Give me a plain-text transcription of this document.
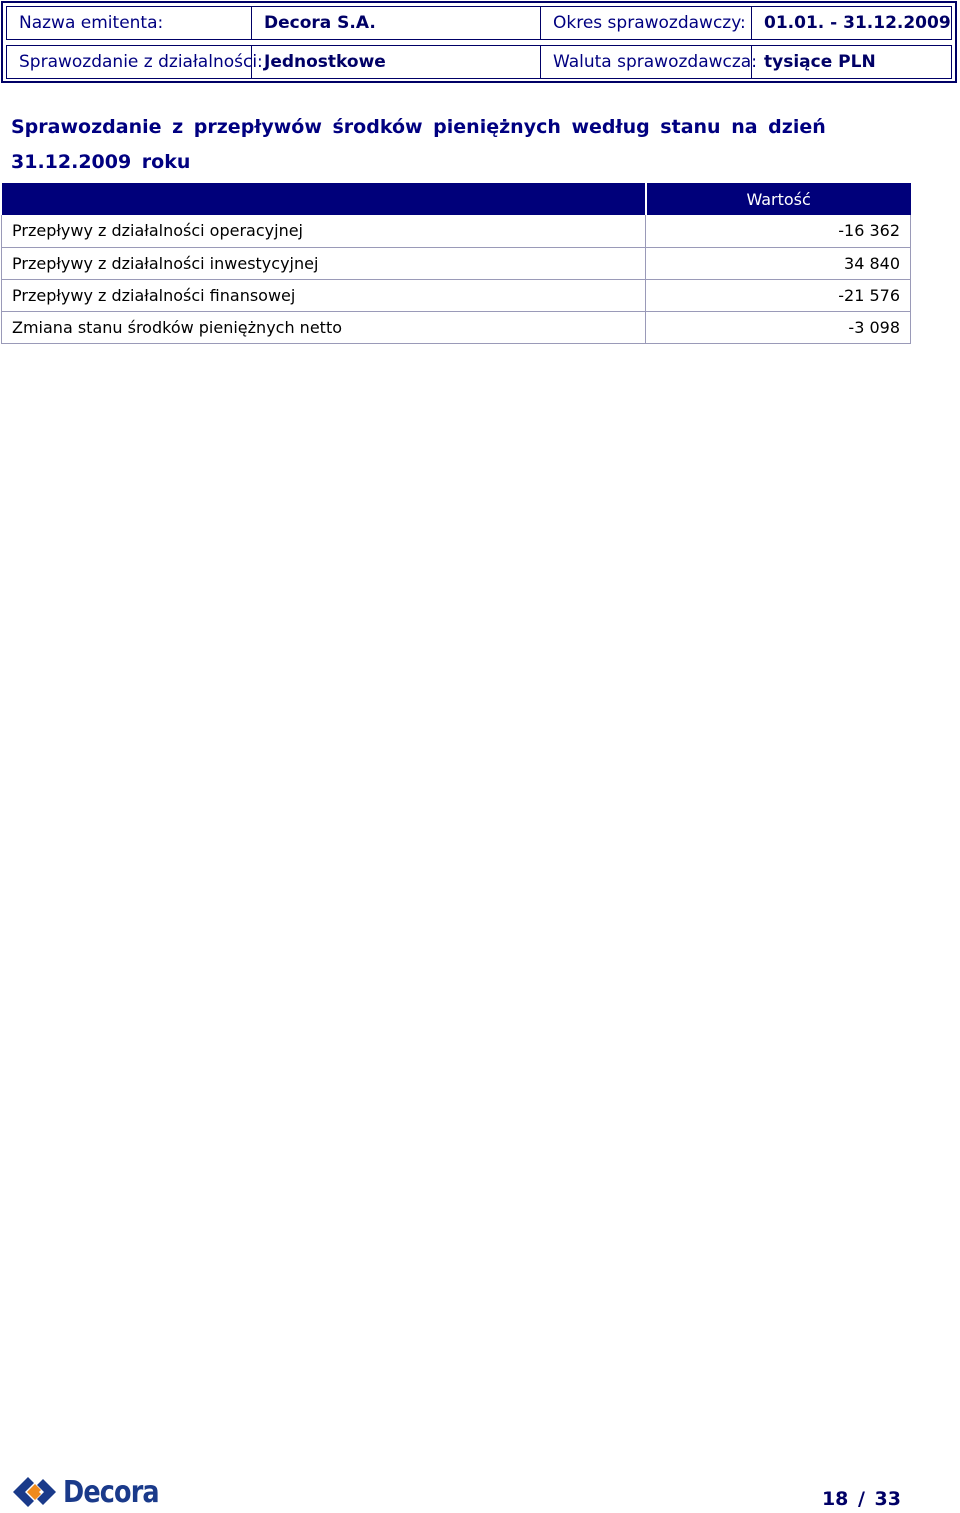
Nazwa emitenta:	Decora S.A.	Okres sprawozdawczy:	01.01. - 31.12.2009
Sprawozdanie z działalności: Jednostkowe	Waluta sprawozdawcza: tysiące PLN
Sprawozdanie z przepływów środków pieniężnych według stanu na dzień 31.12.2009 roku
	Wartość
Przepływy z działalności operacyjnej	-16 362
Przepływy z działalności inwestycyjnej	34 840
Przepływy z działalności finansowej	-21 576
Zmiana stanu środków pieniężnych netto	-3 098
Decora	18 / 33
